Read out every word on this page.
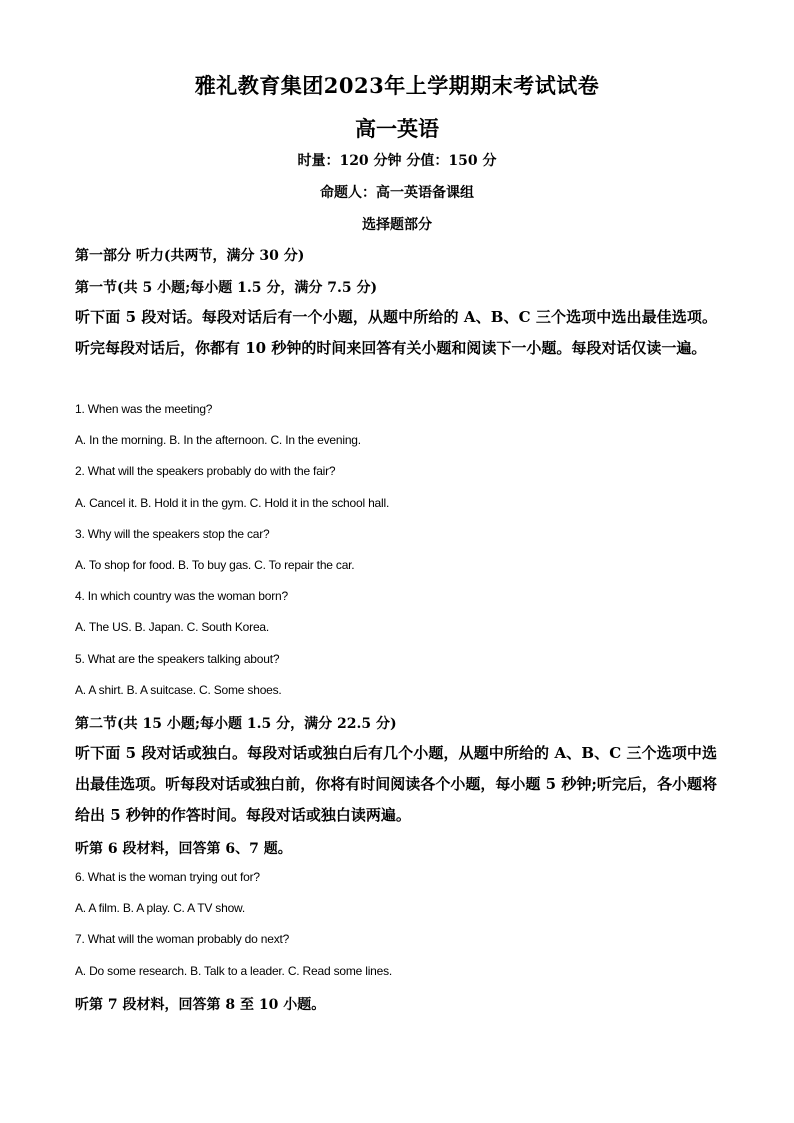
雅礼教育集团2023年上学期期末考试试卷
高一英语
时量：120 分钟 分值：150 分
命题人：高一英语备课组
选择题部分
第一部分 听力(共两节，满分 30 分)
第一节(共 5 小题;每小题 1.5 分，满分 7.5 分)
听下面 5 段对话。每段对话后有一个小题，从题中所给的 A、B、C 三个选项中选出最佳选项。听完每段对话后，你都有 10 秒钟的时间来回答有关小题和阅读下一小题。每段对话仅读一遍。
1. When was the meeting?
A. In the morning. B. In the afternoon. C. In the evening.
2. What will the speakers probably do with the fair?
A. Cancel it. B. Hold it in the gym. C. Hold it in the school hall.
3. Why will the speakers stop the car?
A. To shop for food. B. To buy gas. C. To repair the car.
4. In which country was the woman born?
A. The US. B. Japan. C. South Korea.
5. What are the speakers talking about?
A. A shirt. B. A suitcase. C. Some shoes.
第二节(共 15 小题;每小题 1.5 分，满分 22.5 分)
听下面 5 段对话或独白。每段对话或独白后有几个小题，从题中所给的 A、B、C 三个选项中选出最佳选项。听每段对话或独白前，你将有时间阅读各个小题，每小题 5 秒钟;听完后，各小题将给出 5 秒钟的作答时间。每段对话或独白读两遍。
听第 6 段材料，回答第 6、7 题。
6. What is the woman trying out for?
A. A film. B. A play. C. A TV show.
7. What will the woman probably do next?
A. Do some research. B. Talk to a leader. C. Read some lines.
听第 7 段材料，回答第 8 至 10 小题。
